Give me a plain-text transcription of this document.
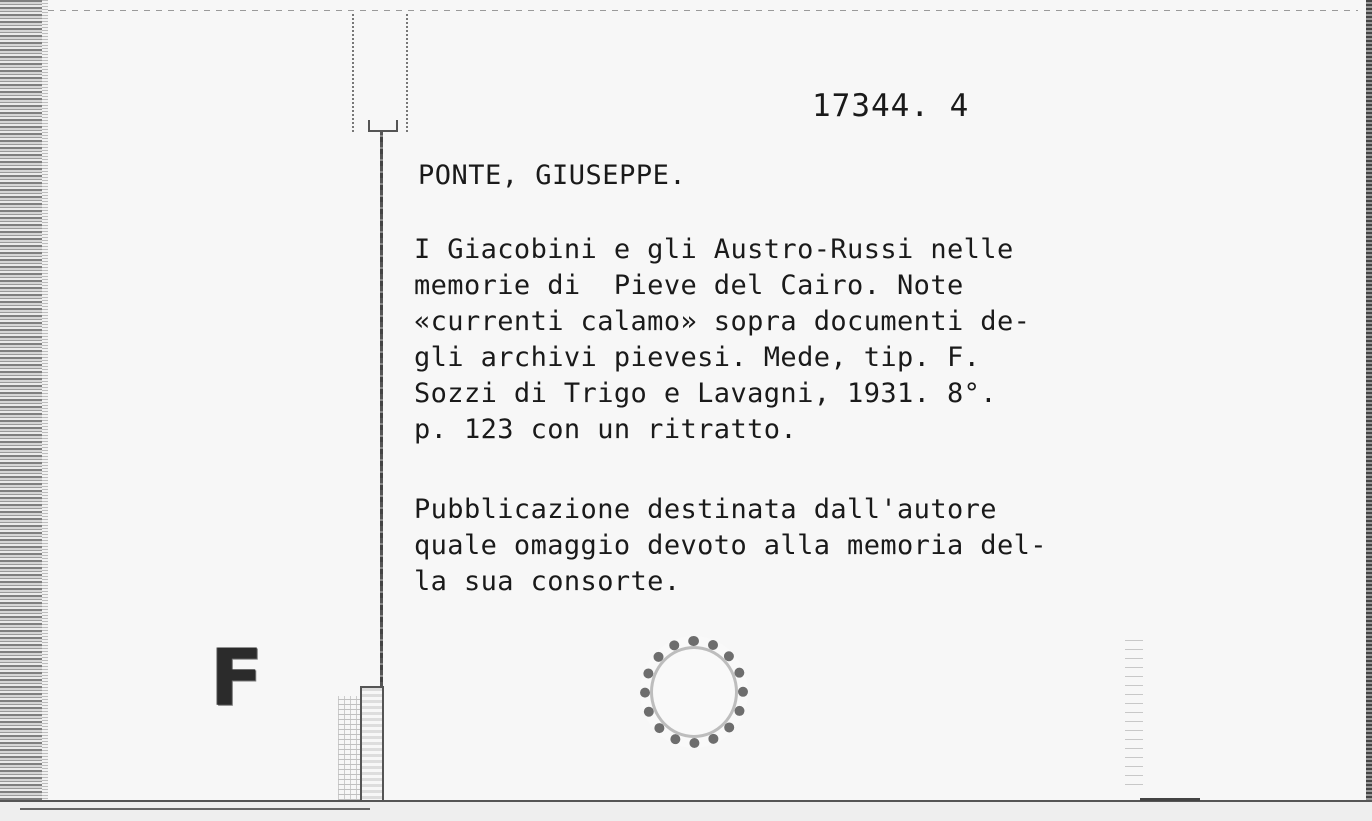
17344. 4

PONTE, GIUSEPPE.

I Giacobini e gli Austro-Russi nelle
memorie di  Pieve del Cairo. Note
«currenti calamo» sopra documenti de-
gli archivi pievesi. Mede, tip. F.
Sozzi di Trigo e Lavagni, 1931. 8°.
p. 123 con un ritratto.

Pubblicazione destinata dall'autore
quale omaggio devoto alla memoria del-
la sua consorte.

F
